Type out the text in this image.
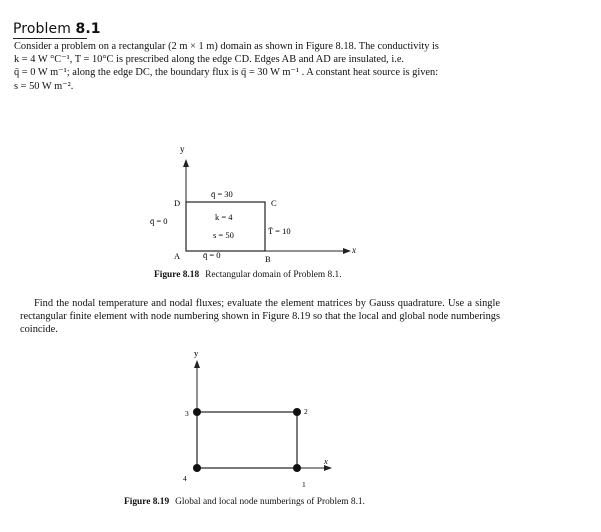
Problem 8.1
Consider a problem on a rectangular (2 m × 1 m) domain as shown in Figure 8.18. The conductivity is
k = 4 W °C⁻¹, T = 10°C is prescribed along the edge CD. Edges AB and AD are insulated, i.e.
q̄ = 0 W m⁻¹; along the edge DC, the boundary flux is q̄ = 30 W m⁻¹ . A constant heat source is given:
s = 50 W m⁻².
y
x
D	C
A	B
q̄ = 30
q̄ = 0
q̄ = 0
k = 4
s = 50	T̄ = 10
y
x
1
2
3
4
Figure 8.18 Rectangular domain of Problem 8.1.
Find the nodal temperature and nodal fluxes; evaluate the element matrices by Gauss quadrature. Use a single rectangular finite element with node numbering shown in Figure 8.19 so that the local and global node numberings coincide.
Figure 8.19 Global and local node numberings of Problem 8.1.
